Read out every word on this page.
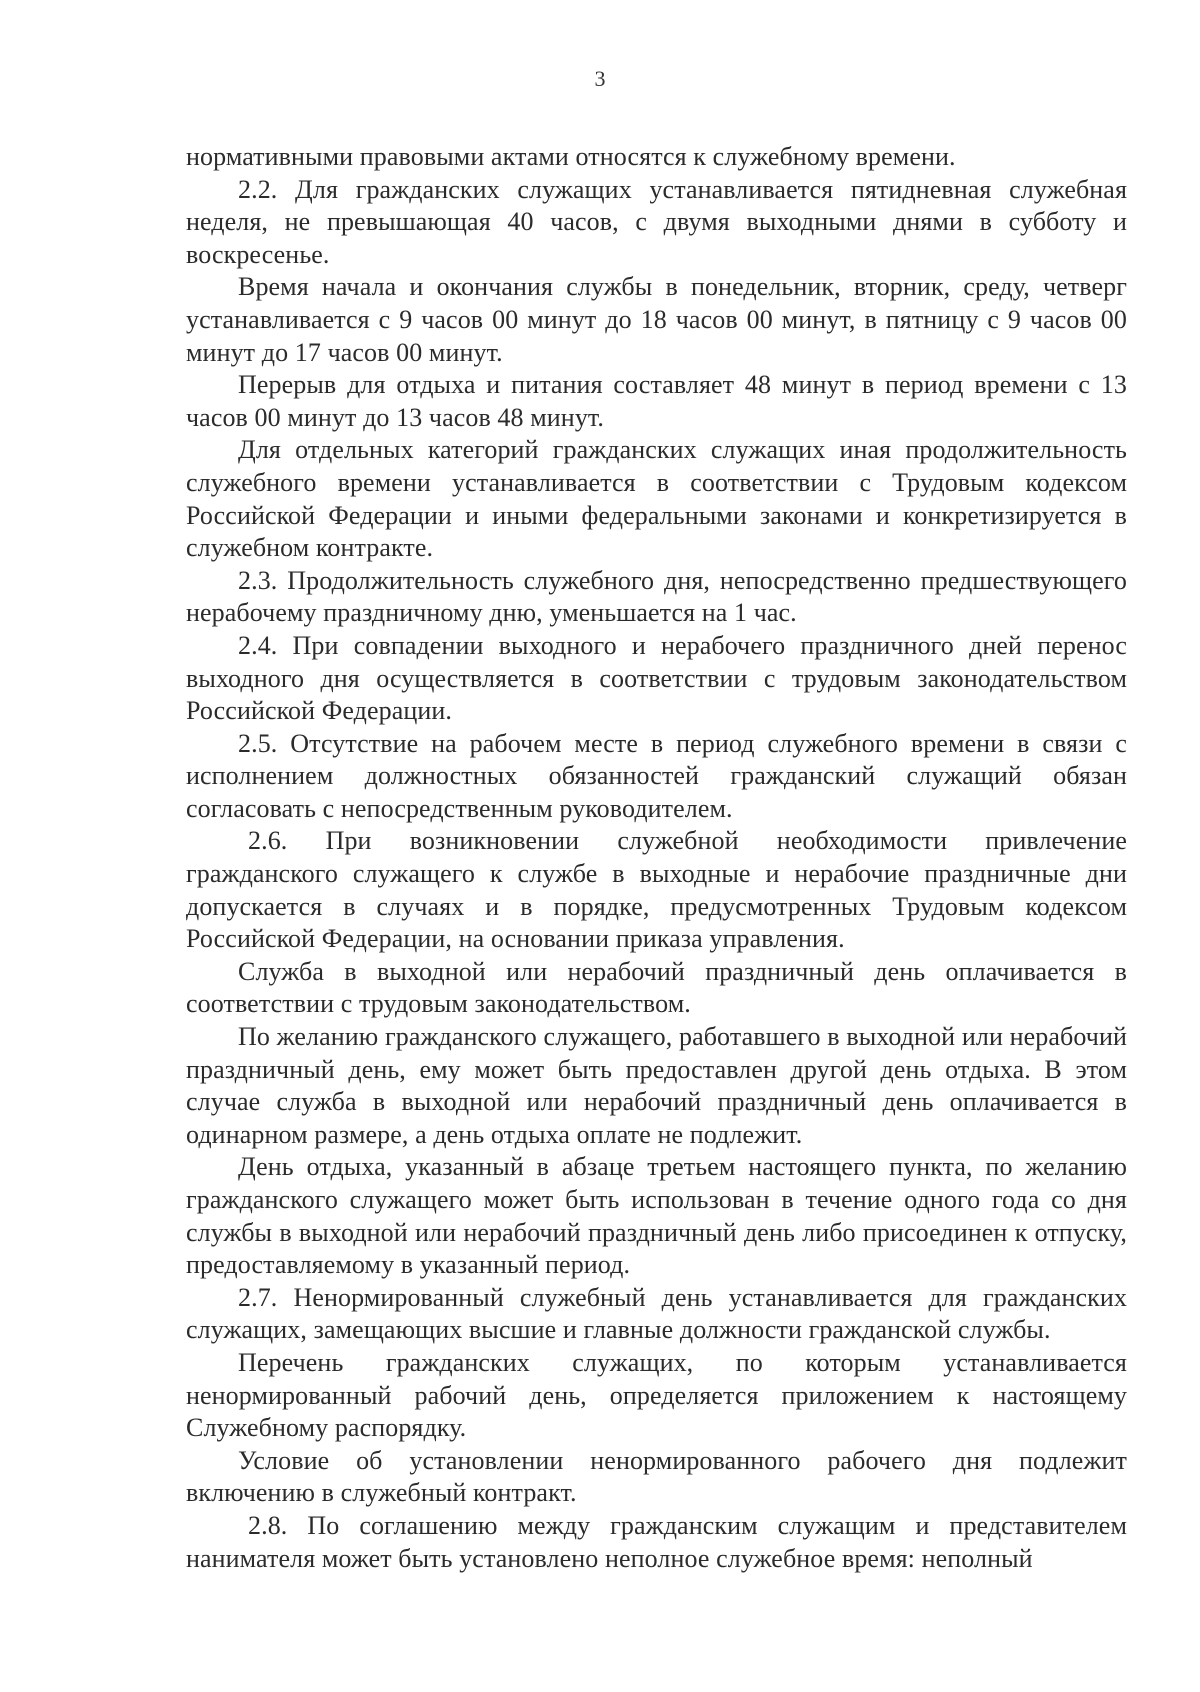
3

нормативными правовыми актами относятся к служебному времени.

2.2. Для гражданских служащих устанавливается пятидневная служебная неделя, не превышающая 40 часов, с двумя выходными днями в субботу и воскресенье.

Время начала и окончания службы в понедельник, вторник, среду, четверг устанавливается с 9 часов 00 минут до 18 часов 00 минут, в пятницу с 9 часов 00 минут до 17 часов 00 минут.

Перерыв для отдыха и питания составляет 48 минут в период времени с 13 часов 00 минут до 13 часов 48 минут.

Для отдельных категорий гражданских служащих иная продолжительность служебного времени устанавливается в соответствии с Трудовым кодексом Российской Федерации и иными федеральными законами и конкретизируется в служебном контракте.

2.3. Продолжительность служебного дня, непосредственно предшествующего нерабочему праздничному дню, уменьшается на 1 час.

2.4. При совпадении выходного и нерабочего праздничного дней перенос выходного дня осуществляется в соответствии с трудовым законодательством Российской Федерации.

2.5. Отсутствие на рабочем месте в период служебного времени в связи с исполнением должностных обязанностей гражданский служащий обязан согласовать с непосредственным руководителем.

2.6. При возникновении служебной необходимости привлечение гражданского служащего к службе в выходные и нерабочие праздничные дни допускается в случаях и в порядке, предусмотренных Трудовым кодексом Российской Федерации, на основании приказа управления.

Служба в выходной или нерабочий праздничный день оплачивается в соответствии с трудовым законодательством.

По желанию гражданского служащего, работавшего в выходной или нерабочий праздничный день, ему может быть предоставлен другой день отдыха. В этом случае служба в выходной или нерабочий праздничный день оплачивается в одинарном размере, а день отдыха оплате не подлежит.

День отдыха, указанный в абзаце третьем настоящего пункта, по желанию гражданского служащего может быть использован в течение одного года со дня службы в выходной или нерабочий праздничный день либо присоединен к отпуску, предоставляемому в указанный период.

2.7. Ненормированный служебный день устанавливается для гражданских служащих, замещающих высшие и главные должности гражданской службы.

Перечень гражданских служащих, по которым устанавливается ненормированный рабочий день, определяется приложением к настоящему Служебному распорядку.

Условие об установлении ненормированного рабочего дня подлежит включению в служебный контракт.

2.8. По соглашению между гражданским служащим и представителем нанимателя может быть установлено неполное служебное время: неполный
